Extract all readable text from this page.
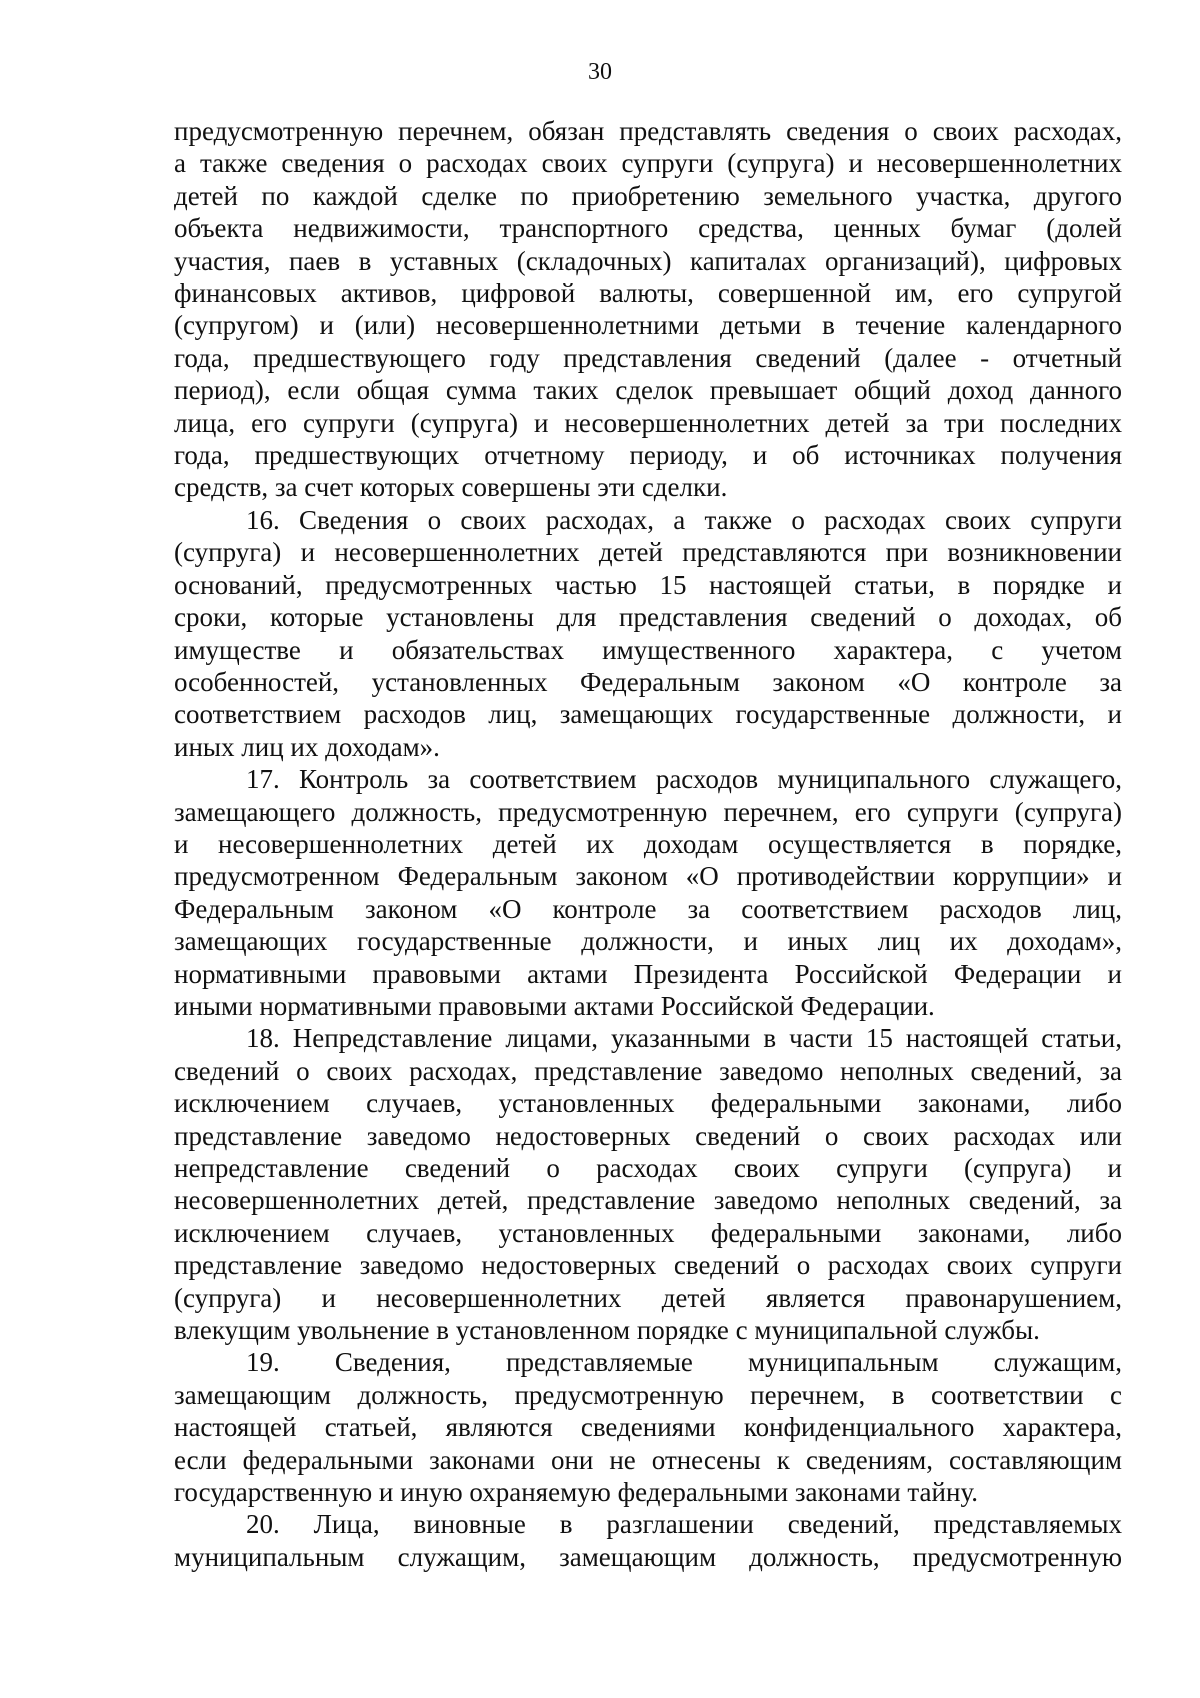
30
предусмотренную перечнем, обязан представлять сведения о своих расходах,
а также сведения о расходах своих супруги (супруга) и несовершеннолетних
детей по каждой сделке по приобретению земельного участка, другого
объекта недвижимости, транспортного средства, ценных бумаг (долей
участия, паев в уставных (складочных) капиталах организаций), цифровых
финансовых активов, цифровой валюты, совершенной им, его супругой
(супругом) и (или) несовершеннолетними детьми в течение календарного
года, предшествующего году представления сведений (далее - отчетный
период), если общая сумма таких сделок превышает общий доход данного
лица, его супруги (супруга) и несовершеннолетних детей за три последних
года, предшествующих отчетному периоду, и об источниках получения
средств, за счет которых совершены эти сделки.
16. Сведения о своих расходах, а также о расходах своих супруги
(супруга) и несовершеннолетних детей представляются при возникновении
оснований, предусмотренных частью 15 настоящей статьи, в порядке и
сроки, которые установлены для представления сведений о доходах, об
имуществе и обязательствах имущественного характера, с учетом
особенностей, установленных Федеральным законом «О контроле за
соответствием расходов лиц, замещающих государственные должности, и
иных лиц их доходам».
17. Контроль за соответствием расходов муниципального служащего,
замещающего должность, предусмотренную перечнем, его супруги (супруга)
и несовершеннолетних детей их доходам осуществляется в порядке,
предусмотренном Федеральным законом «О противодействии коррупции» и
Федеральным законом «О контроле за соответствием расходов лиц,
замещающих государственные должности, и иных лиц их доходам»,
нормативными правовыми актами Президента Российской Федерации и
иными нормативными правовыми актами Российской Федерации.
18. Непредставление лицами, указанными в части 15 настоящей статьи,
сведений о своих расходах, представление заведомо неполных сведений, за
исключением случаев, установленных федеральными законами, либо
представление заведомо недостоверных сведений о своих расходах или
непредставление сведений о расходах своих супруги (супруга) и
несовершеннолетних детей, представление заведомо неполных сведений, за
исключением случаев, установленных федеральными законами, либо
представление заведомо недостоверных сведений о расходах своих супруги
(супруга) и несовершеннолетних детей является правонарушением,
влекущим увольнение в установленном порядке с муниципальной службы.
19. Сведения, представляемые муниципальным служащим,
замещающим должность, предусмотренную перечнем, в соответствии с
настоящей статьей, являются сведениями конфиденциального характера,
если федеральными законами они не отнесены к сведениям, составляющим
государственную и иную охраняемую федеральными законами тайну.
20. Лица, виновные в разглашении сведений, представляемых
муниципальным служащим, замещающим должность, предусмотренную
